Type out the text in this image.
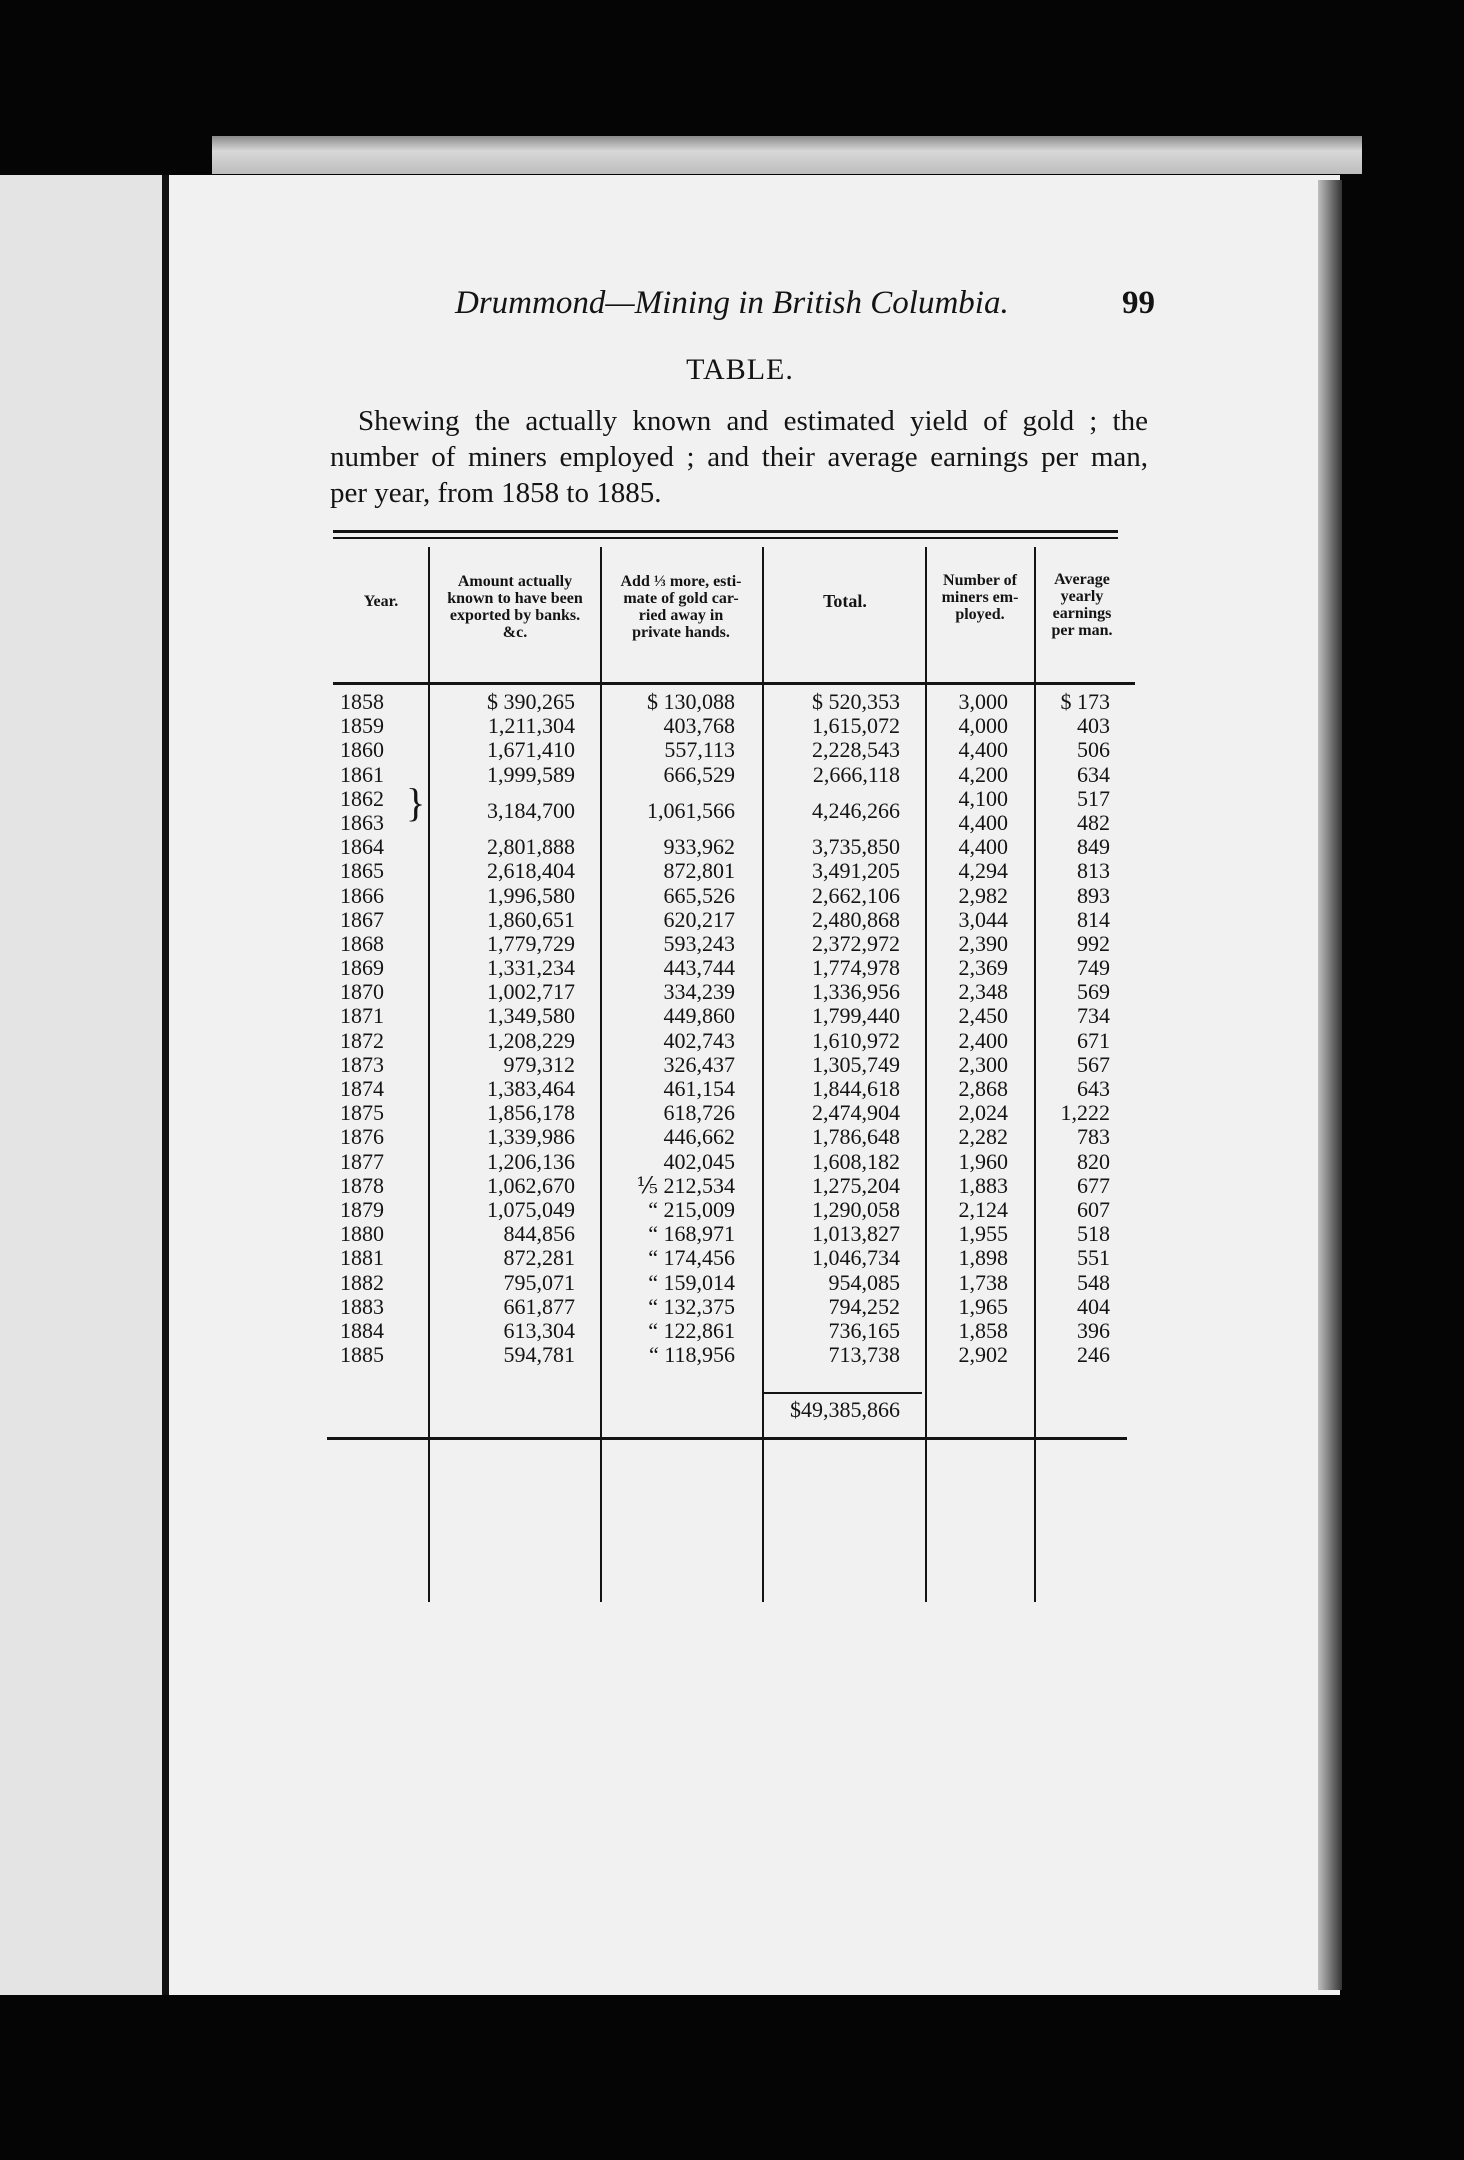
Drummond—Mining in British Columbia.	99
TABLE.
Shewing the actually known and estimated yield of gold ; the
number of miners employed ; and their average earnings per man,
per year, from 1858 to 1885.
Year.
Amount actually
known to have been
exported by banks.
&c.
Add ⅓ more, esti-
mate of gold car-
ried away in
private hands.
Total.
Number of
miners em-
ployed.
Average
yearly
earnings
per man.
1858
1859
1860
1861
1862
1863
1864
1865
1866
1867
1868
1869
1870
1871
1872
1873
1874
1875
1876
1877
1878
1879
1880
1881
1882
1883
1884
1885
$ 390,265
1,211,304
1,671,410
1,999,589
3,184,700
2,801,888
2,618,404
1,996,580
1,860,651
1,779,729
1,331,234
1,002,717
1,349,580
1,208,229
979,312
1,383,464
1,856,178
1,339,986
1,206,136
1,062,670
1,075,049
844,856
872,281
795,071
661,877
613,304
594,781
$ 130,088
403,768
557,113
666,529
1,061,566
933,962
872,801
665,526
620,217
593,243
443,744
334,239
449,860
402,743
326,437
461,154
618,726
446,662
402,045
⅕ 212,534
“ 215,009
“ 168,971
“ 174,456
“ 159,014
“ 132,375
“ 122,861
“ 118,956
$ 520,353
1,615,072
2,228,543
2,666,118
4,246,266
3,735,850
3,491,205
2,662,106
2,480,868
2,372,972
1,774,978
1,336,956
1,799,440
1,610,972
1,305,749
1,844,618
2,474,904
1,786,648
1,608,182
1,275,204
1,290,058
1,013,827
1,046,734
954,085
794,252
736,165
713,738
3,000
4,000
4,400
4,200
4,100
4,400
4,400
4,294
2,982
3,044
2,390
2,369
2,348
2,450
2,400
2,300
2,868
2,024
2,282
1,960
1,883
2,124
1,955
1,898
1,738
1,965
1,858
2,902
$ 173
403
506
634
517
482
849
813
893
814
992
749
569
734
671
567
643
1,222
783
820
677
607
518
551
548
404
396
246
}
$49,385,866
